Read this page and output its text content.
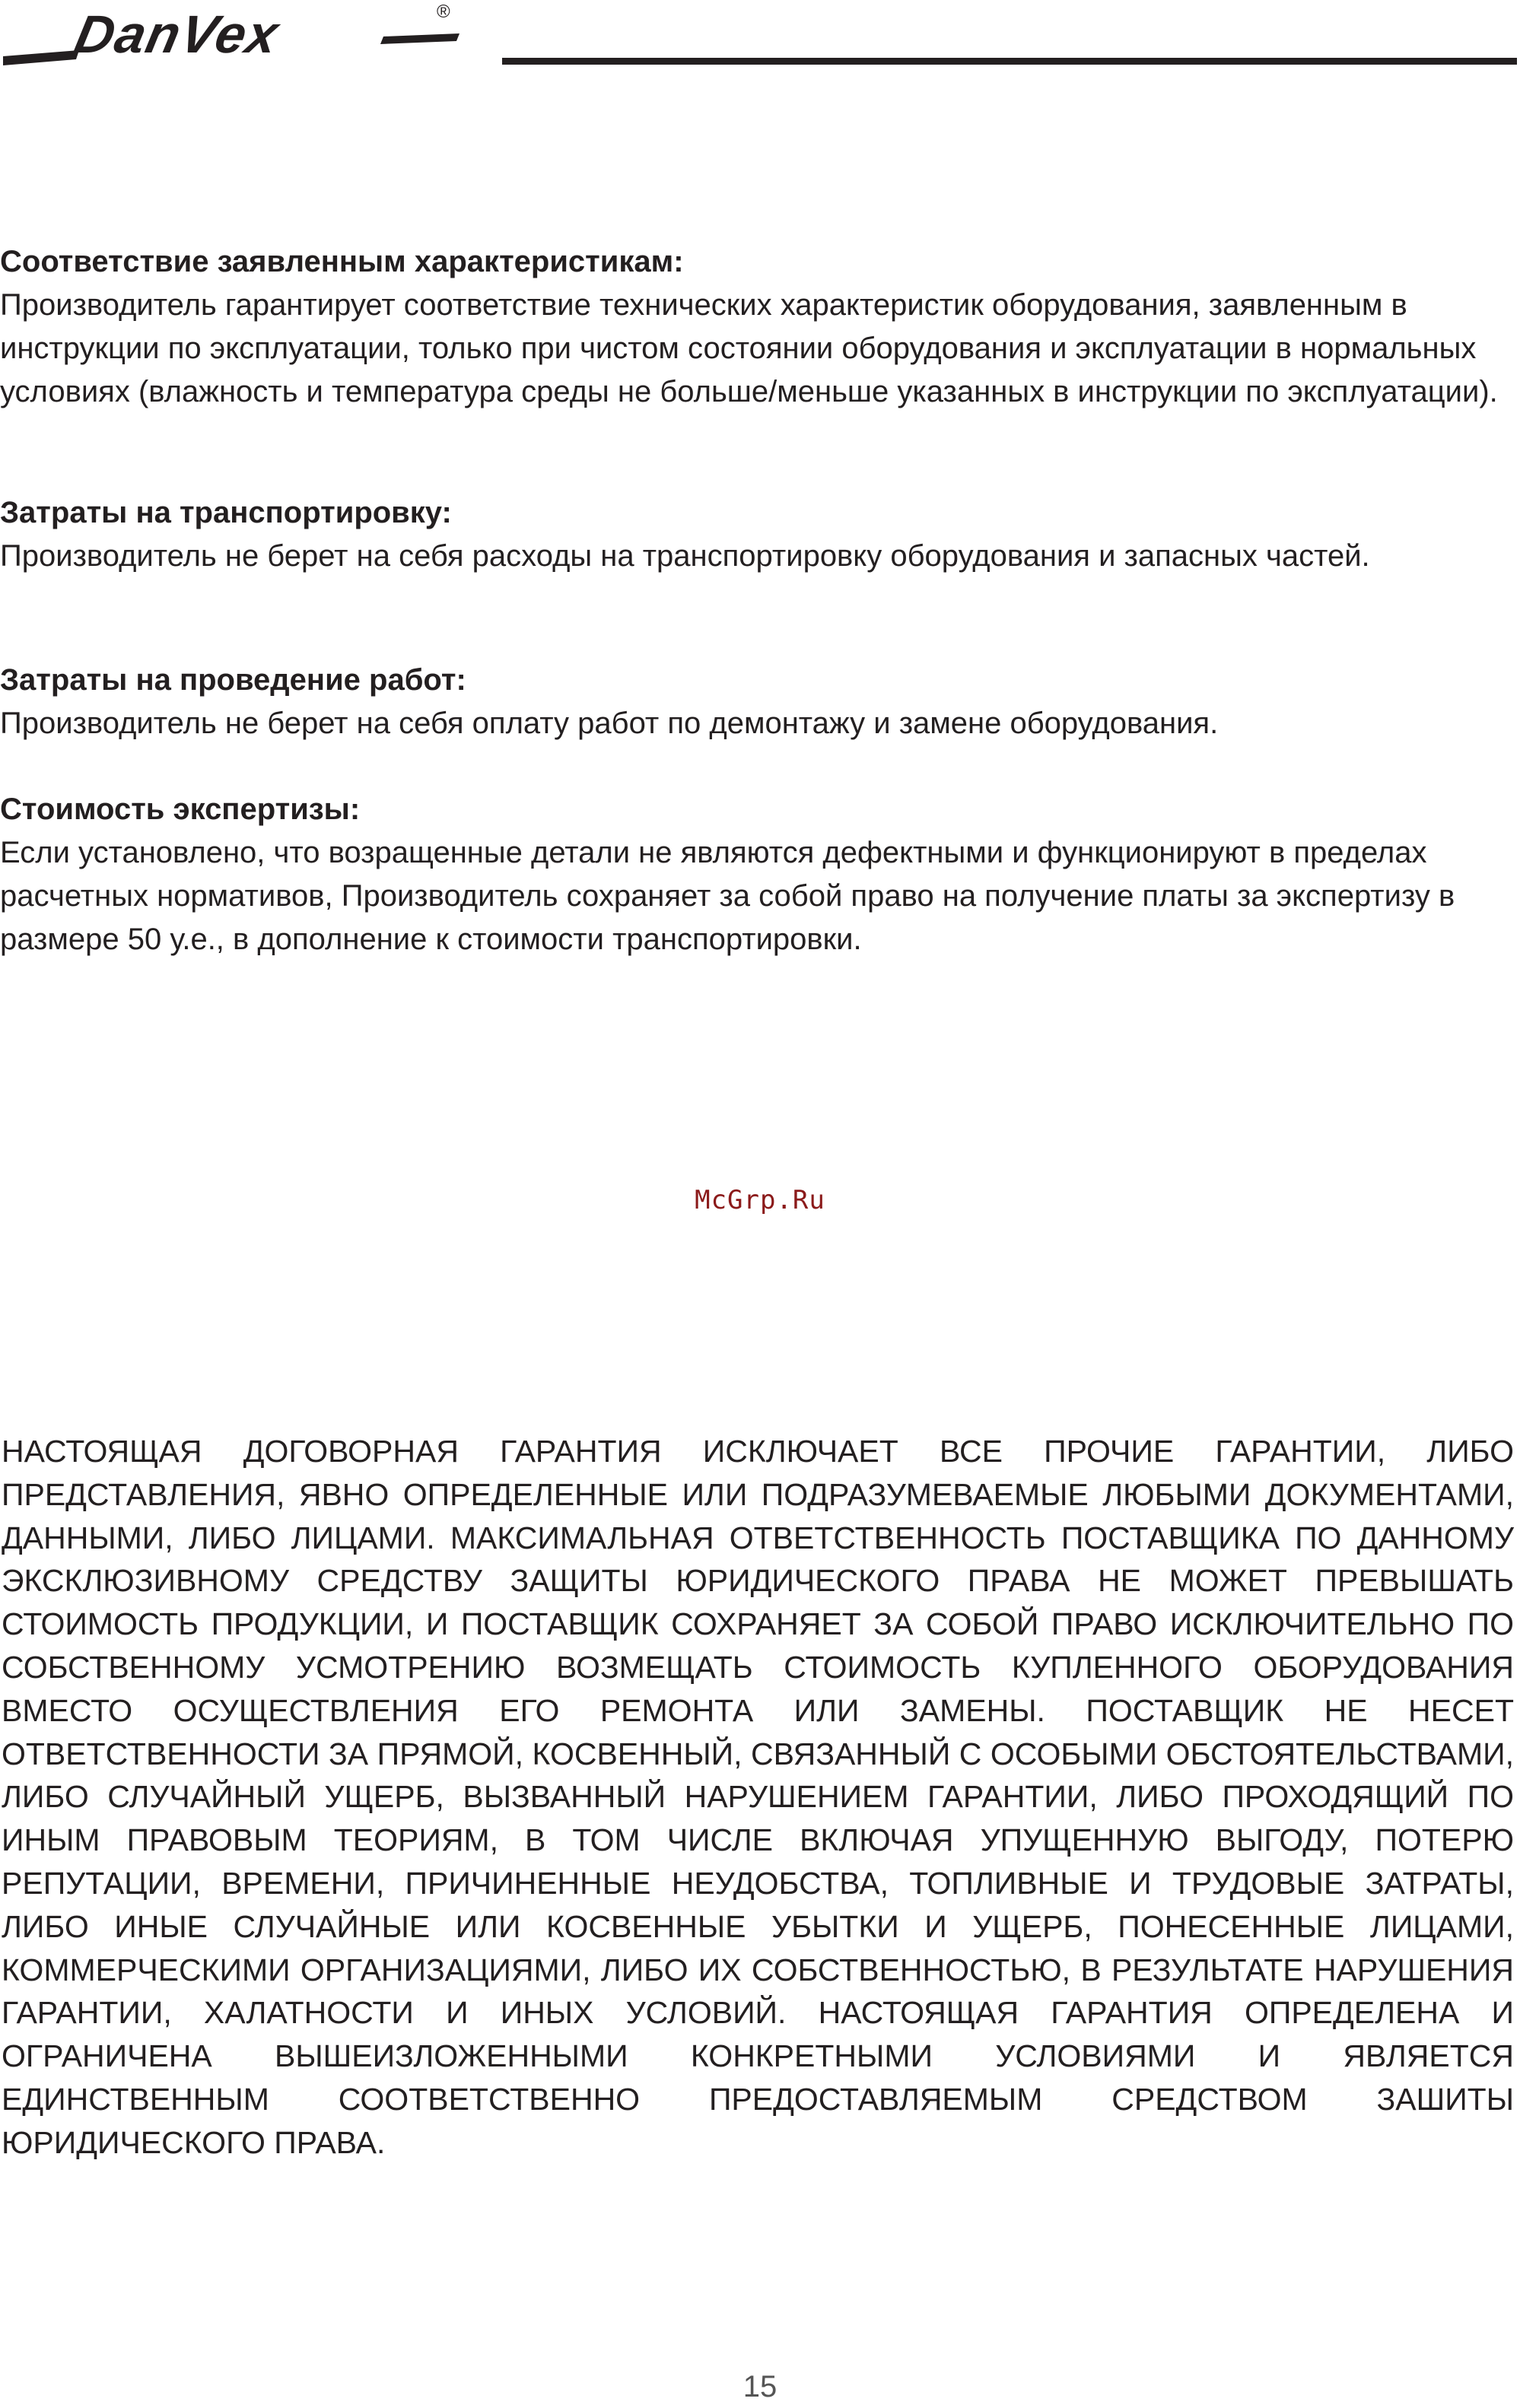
DanVex	®
Соответствие заявленным характеристикам:

Производитель гарантирует соответствие технических характеристик оборудования, заявленным в инструкции по эксплуатации, только при чистом состоянии оборудования и эксплуатации в нормальных условиях (влажность и температура среды не больше/меньше указанных в инструкции по эксплуатации).

Затраты на транспортировку:

Производитель не берет на себя расходы на транспортировку оборудования и запасных частей.

Затраты на проведение работ:

Производитель не берет на себя оплату работ по демонтажу и замене оборудования.

Стоимость экспертизы:

Если установлено, что возращенные детали не являются дефектными и функционируют в пределах расчетных нормативов, Производитель сохраняет за собой право на получение платы за экспертизу в размере 50 у.е., в дополнение к стоимости транспортировки.

McGrp.Ru

НАСТОЯЩАЯ ДОГОВОРНАЯ ГАРАНТИЯ ИСКЛЮЧАЕТ ВСЕ ПРОЧИЕ ГАРАНТИИ, ЛИБО ПРЕДСТАВЛЕНИЯ, ЯВНО ОПРЕДЕЛЕННЫЕ ИЛИ ПОДРАЗУМЕВАЕМЫЕ ЛЮБЫМИ ДОКУМЕНТАМИ, ДАННЫМИ, ЛИБО ЛИЦАМИ. МАКСИМАЛЬНАЯ ОТВЕТСТВЕННОСТЬ ПОСТАВЩИКА ПО ДАННОМУ ЭКСКЛЮЗИВНОМУ СРЕДСТВУ ЗАЩИТЫ ЮРИДИЧЕСКОГО ПРАВА НЕ МОЖЕТ ПРЕВЫШАТЬ СТОИМОСТЬ ПРОДУКЦИИ, И ПОСТАВЩИК СОХРАНЯЕТ ЗА СОБОЙ ПРАВО ИСКЛЮЧИТЕЛЬНО ПО СОБСТВЕННОМУ УСМОТРЕНИЮ ВОЗМЕЩАТЬ СТОИМОСТЬ КУПЛЕННОГО ОБОРУДОВАНИЯ ВМЕСТО ОСУЩЕСТВЛЕНИЯ ЕГО РЕМОНТА ИЛИ ЗАМЕНЫ. ПОСТАВЩИК НЕ НЕСЕТ ОТВЕТСТВЕННОСТИ ЗА ПРЯМОЙ, КОСВЕННЫЙ, СВЯЗАННЫЙ С ОСОБЫМИ ОБСТОЯТЕЛЬСТВАМИ, ЛИБО СЛУЧАЙНЫЙ УЩЕРБ, ВЫЗВАННЫЙ НАРУШЕНИЕМ ГАРАНТИИ, ЛИБО ПРОХОДЯЩИЙ ПО ИНЫМ ПРАВОВЫМ ТЕОРИЯМ, В ТОМ ЧИСЛЕ ВКЛЮЧАЯ УПУЩЕННУЮ ВЫГОДУ, ПОТЕРЮ РЕПУТАЦИИ, ВРЕМЕНИ, ПРИЧИНЕННЫЕ НЕУДОБСТВА, ТОПЛИВНЫЕ И ТРУДОВЫЕ ЗАТРАТЫ, ЛИБО ИНЫЕ СЛУЧАЙНЫЕ ИЛИ КОСВЕННЫЕ УБЫТКИ И УЩЕРБ, ПОНЕСЕННЫЕ ЛИЦАМИ, КОММЕРЧЕСКИМИ ОРГАНИЗАЦИЯМИ, ЛИБО ИХ СОБСТВЕННОСТЬЮ, В РЕЗУЛЬТАТЕ НАРУШЕНИЯ ГАРАНТИИ, ХАЛАТНОСТИ И ИНЫХ УСЛОВИЙ. НАСТОЯЩАЯ ГАРАНТИЯ ОПРЕДЕЛЕНА И ОГРАНИЧЕНА ВЫШЕИЗЛОЖЕННЫМИ КОНКРЕТНЫМИ УСЛОВИЯМИ И ЯВЛЯЕТСЯ ЕДИНСТВЕННЫМ СООТВЕТСТВЕННО ПРЕДОСТАВЛЯЕМЫМ СРЕДСТВОМ ЗАШИТЫ ЮРИДИЧЕСКОГО ПРАВА.

15
